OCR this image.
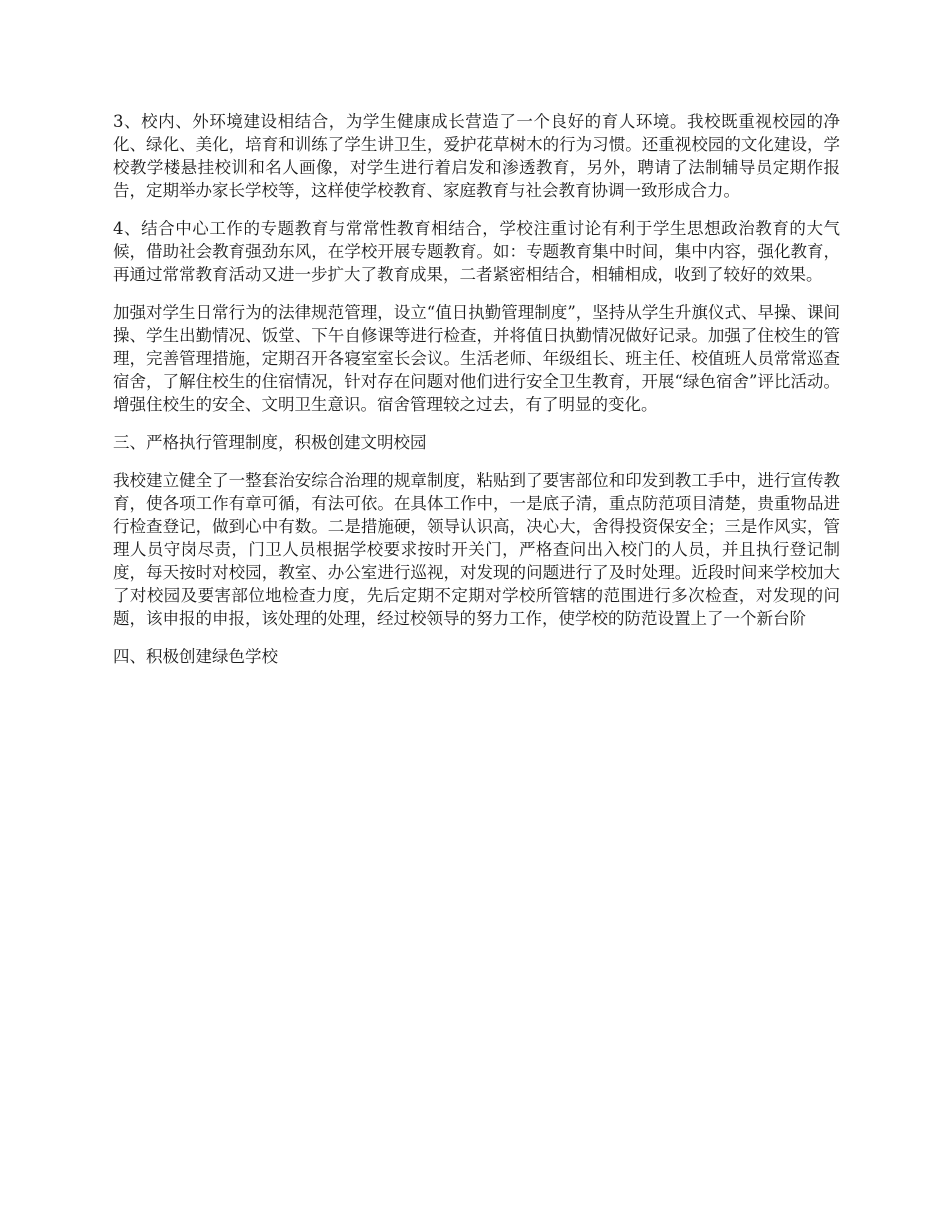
3、校内、外环境建设相结合，为学生健康成长营造了一个良好的育人环境。我校既重视校园的净化、绿化、美化，培育和训练了学生讲卫生，爱护花草树木的行为习惯。还重视校园的文化建设，学校教学楼悬挂校训和名人画像，对学生进行着启发和渗透教育，另外，聘请了法制辅导员定期作报告，定期举办家长学校等，这样使学校教育、家庭教育与社会教育协调一致形成合力。

4、结合中心工作的专题教育与常常性教育相结合，学校注重讨论有利于学生思想政治教育的大气候，借助社会教育强劲东风，在学校开展专题教育。如：专题教育集中时间，集中内容，强化教育，再通过常常教育活动又进一步扩大了教育成果，二者紧密相结合，相辅相成，收到了较好的效果。

加强对学生日常行为的法律规范管理，设立“值日执勤管理制度”，坚持从学生升旗仪式、早操、课间操、学生出勤情况、饭堂、下午自修课等进行检查，并将值日执勤情况做好记录。加强了住校生的管理，完善管理措施，定期召开各寝室室长会议。生活老师、年级组长、班主任、校值班人员常常巡查宿舍，了解住校生的住宿情况，针对存在问题对他们进行安全卫生教育，开展“绿色宿舍”评比活动。增强住校生的安全、文明卫生意识。宿舍管理较之过去，有了明显的变化。

三、严格执行管理制度，积极创建文明校园

我校建立健全了一整套治安综合治理的规章制度，粘贴到了要害部位和印发到教工手中，进行宣传教育，使各项工作有章可循，有法可依。在具体工作中，一是底子清，重点防范项目清楚，贵重物品进行检查登记，做到心中有数。二是措施硬，领导认识高，决心大，舍得投资保安全；三是作风实，管理人员守岗尽责，门卫人员根据学校要求按时开关门，严格查问出入校门的人员，并且执行登记制度，每天按时对校园，教室、办公室进行巡视，对发现的问题进行了及时处理。近段时间来学校加大了对校园及要害部位地检查力度，先后定期不定期对学校所管辖的范围进行多次检查，对发现的问题，该申报的申报，该处理的处理，经过校领导的努力工作，使学校的防范设置上了一个新台阶

四、积极创建绿色学校
